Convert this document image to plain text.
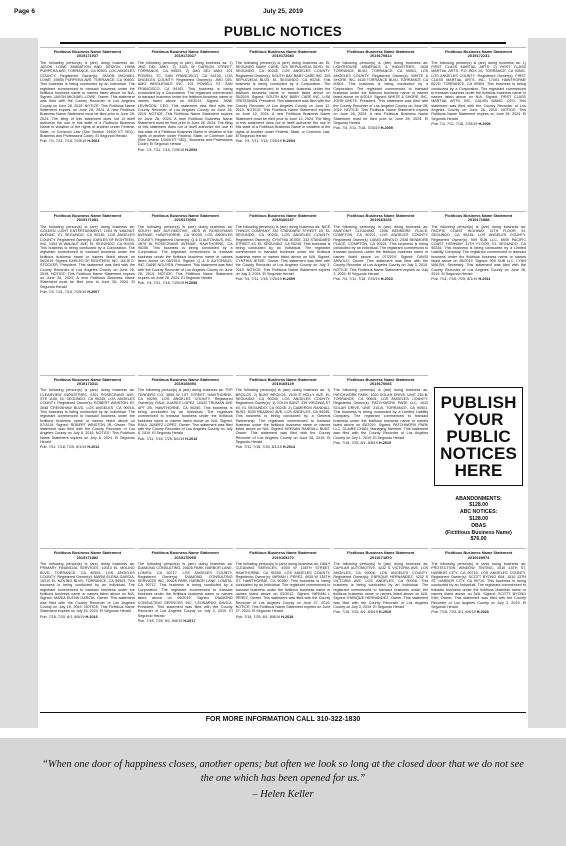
Page 6	July 25, 2019
PUBLIC NOTICES
Fictitious Business Name Statement
2019171937
The following person(s) is (are) doing business as: JASON LOWE ANIMATION AND DESIGN, 19555 PURPERA AVE, TORRANCE, CA 90503, LOS ANGELES COUNTY. Registered Owner(s): JASON MICHAEL LOWE, 19555 PURPERA AVE, TORRANCE, CA 90503. This business is being conducted by an Individual. The registrant commenced to transact business under the fictitious business name or names listed above on N/A. Signed: JASON MICHAEL LOWE, Owner. This statement was filed with the County Recorder of Los Angeles County on June 28, 2019. NOTICE: This Fictitious Name Statement expires on June 28, 2024. A new Fictitious Business Name Statement must be filed prior to June 28, 2024. The filing of this statement does not of itself authorize the use in this state of a Fictitious Business Name in violation of the rights of another under Federal, State, or Common Law (See Section 14400 ET SEQ., Business and Professions Code). El Segundo Herald
Pub. 7/4, 7/11, 7/18, 7/25/19 H-2003
Fictitious Business Name Statement
2019172027
The following person(s) is (are) doing business as: 1) JMG DEL AMO, 2) 3325 W CARSON STREET, TORRANCE, CA 90503, 2) JMG DEL AMO, 101 POWELL ST, SAN FRANCISCO, CA 94102, LOS ANGELES COUNTY. Registered Owner(s): JMG DEL AMO WHOLESALE INC, 101 POWELL ST, SAN FRANCISCO, CA 94102. This business is being conducted by a Corporation. The registrant commenced to transact business under the fictitious business name or names listed above on 05/2019. Signed: JANE LEVINSON, CEO. This statement was filed with the County Recorder of Los Angeles County on June 28, 2019. NOTICE: This Fictitious Name Statement expires on June 28, 2024. A new Fictitious Business Name Statement must be filed prior to June 28, 2024. The filing of this statement does not of itself authorize the use in this state of a Fictitious Business Name in violation of the rights of another under Federal, State, or Common Law (See Section 14400 ET SEQ., Business and Professions Code). El Segundo Herald
Pub. 7/4, 7/11, 7/18, 7/25/19 H-2003
Fictitious Business Name Statement
2019172083
The following person(s) is (are) doing business as: EL SEGUNDO BABY CARE, 325 SEPULVEDA BLVD, EL SEGUNDO, CA 90245, LOS ANGELES COUNTY. Registered Owner(s): SOUTH BAY BABY CARE INC, 325 SEPULVEDA BLVD, EL SEGUNDO, CA 90245. This business is being conducted by a Corporation. The registrant commenced to transact business under the fictitious business name or names listed above on 05/2019. Signed: SOUTH BAY BABY CARE INC, LISA GROSSMAN, President. This statement was filed with the County Recorder of Los Angeles County on June 12, 2019. NOTICE: This Fictitious Name Statement expires on June 12, 2024. A new Fictitious Business Name Statement must be filed prior to June 12, 2024. The filing of this statement does not of itself authorize the use in this state of a Fictitious Business Name in violation of the rights of another under Federal, State, or Common Law. El Segundo Herald
Pub. 7/4, 7/11, 7/18, 7/25/19 H-2004
Fictitious Business Name Statement
2019170814
The following person(s) is (are) doing business as: LIGHTHOUSE MINERALS & INDUSTRIES, 1528 TORRANCE BLVD, TORRANCE, CA 90501, LOS ANGELES COUNTY. Registered Owner(s): WHITE & SHORE, INC, 1528 TORRANCE BLVD, TORRANCE, CA 90501. This business is being conducted by a Corporation. The registrant commenced to transact business under the fictitious business name or names listed above on 6/2019. Signed: WHITE & SHORE, INC, JOHN WHITE, President. This statement was filed with the County Recorder of Los Angeles County on June 28, 2019. NOTICE: This Fictitious Name Statement expires on June 28, 2024. A new Fictitious Business Name Statement must be filed prior to June 28, 2024. El Segundo Herald
Pub. 7/4, 7/11, 7/18, 7/25/19 H-2005
Fictitious Business Name Statement
2019172231
The following person(s) is (are) doing business as: 1) FIRST CLASS MARTIAL ARTS, 2) FIRST CLASS MARTIAL ARTS, P.O. BOX 26, TORRANCE, CA 90501, LOS ANGELES COUNTY. Registered Owner(s): FIRST CLASS MARTIAL ARTS, INC, 17403 HAWTHORNE BLVD, TORRANCE, CA 90504. This business is being conducted by a Corporation. The registrant commenced to transact business under the fictitious business name or names listed above on N/A. Signed: FIRST CLASS MARTIAL ARTS, INC, CALVIN WANG, CEO. This statement was filed with the County Recorder of Los Angeles County on June 28, 2019. NOTICE: This Fictitious Name Statement expires on June 28, 2024. El Segundo Herald
Pub. 7/4, 7/11, 7/18, 7/25/19 H-2006
Fictitious Business Name Statement
2019171081
The following person(s) is (are) doing business as: GOLDEN LIGHT ENTERTAINMENT, 1004 W WALNUT AVENUE, EL SEGUNDO, CA 90245, LOS ANGELES COUNTY. Registered Owner(s): EARLES OF EIGHTEEN, INC, 1004 W WALNUT AVE, EL SEGUNDO, CA 90245. This business is being conducted by a Corporation. The registrant commenced to transact business under the fictitious business name or names listed above on 06/2019. Signed: EARLES OF EIGHTEEN, INC, JULIE D. STOCKER, President. This statement was filed with the County Recorder of Los Angeles County on June 26, 2019. NOTICE: This Fictitious Name Statement expires on June 26, 2024. A new Fictitious Business Name Statement must be filed prior to June 26, 2024. El Segundo Herald
Pub. 7/4, 7/11, 7/18, 7/25/19 H-2007
Fictitious Business Name Statement
2019172093
The following person(s) is (are) doing business as: SOUTH BAY AUTOMOTIVE, 4875 W ROSECRANS AVENUE, HAWTHORNE, CA 90250, LOS ANGELES COUNTY. Registered Owner(s): Q & D AUTOHAUS, INC, 4875 W ROSECRANS AVENUE, HAWTHORNE, CA 90250. This business is being conducted by a Corporation. The registrant commenced to transact business under the fictitious business name or names listed above on 06/2019. Signed: Q & D AUTOHAUS, INC, DANE NGUYEN, President. This statement was filed with the County Recorder of Los Angeles County on June 28, 2019. NOTICE: This Fictitious Name Statement expires on June 28, 2024. El Segundo Herald
Pub. 7/4, 7/11, 7/18, 7/25/19 H-2008
Fictitious Business Name Statement
2019160237
The following person(s) is (are) doing business as: NICE THINGS COMPANY, 332 STANDARD STREET #3, EL SEGUNDO, CA 90245, LOS ANGELES COUNTY. Registered Owner(s): CYNTHIA JESSE, 332 STANDARD STREET #3, EL SEGUNDO, CA 90245. This business is being conducted by an Individual. The registrant commenced to transact business under the fictitious business name or names listed above on N/A. Signed: CYNTHIA JESSE, Owner. This statement was filed with the County Recorder of Los Angeles County on July 3, 2019. NOTICE: This Fictitious Name Statement expires on July 3, 2024. El Segundo Herald
Pub. 7/4, 7/11, 7/18, 7/25/19 H-2009
Fictitious Business Name Statement
2019163226
The following person(s) is (are) doing business as: ANATOMY CLEANING, 2008 BENMORE PLACE, COMPTON, CA 90221, LOS ANGELES COUNTY. Registered Owner(s): DAVID ARNOLD, 2008 BENMORE PLACE, COMPTON, CA 90221. This business is being conducted by an Individual. The registrant commenced to transact business under the fictitious business name or names listed above on 07/2019. Signed: DAVID ARNOLD, Owner. This statement was filed with the County Recorder of Los Angeles County on July 3, 2019. NOTICE: This Fictitious Name Statement expires on July 3, 2024. El Segundo Herald
Pub. 7/4, 7/11, 7/18, 7/25/19 H-2010
Fictitious Business Name Statement
2019171888
The following person(s) is (are) doing business as: PACIFIC COAST HIGHWAY 11TH FLOOR, EL SEGUNDO, CA 90245, LOS ANGELES COUNTY. Registered Owner(s): 909 SUB LLC, 8939 PACIFIC COAST HIGHWAY 11TH FLOOR, EL SEGUNDO, CA 90245. This business is being conducted by a Limited Liability Company. The registrant commenced to transact business under the fictitious business name or names listed above on 05/2019. Signed: 909 SUB LLC, LYNN WALSH, Secretary. This statement was filed with the County Recorder of Los Angeles County on June 26, 2019. El Segundo Herald
Pub. 7/11, 7/18, 7/25, 8/1/19 H-2011
Fictitious Business Name Statement
2019173311
The following person(s) is (are) doing business as: CLEARVIEW INDUSTRIES, 2301 ROSECRANS AVE, STE 1150, EL SEGUNDO, CA 90245, LOS ANGELES COUNTY. Registered Owner(s): ROBERT WINSTON JR, 3058 CRENSHAW BLVD, LOS ANGELES, CA 90016. This business is being conducted by an Individual. The registrant commenced to transact business under the fictitious business name or names listed above on 07/2019. Signed: ROBERT WINSTON JR, Owner. This statement was filed with the County Recorder of Los Angeles County on July 8, 2019. NOTICE: This Fictitious Name Statement expires on July 8, 2024. El Segundo Herald
Pub. 7/11, 7/18, 7/25, 8/1/19 H-2012
Fictitious Business Name Statement
2019165493
The following person(s) is (are) doing business as: TOP TENDERS CO, 3850 W 1ST STREET, HAWTHORNE, CA 90250, LOS ANGELES COUNTY. Registered Owner(s): RAUL JUAREZ LOPEZ, 10432 TRUMAN AVE APT 2B, HAWTHORNE, CA 90250. This business is being conducted by an Individual. The registrant commenced to transact business under the fictitious business name or names listed above on N/A. Signed: RAUL JUAREZ LOPEZ, Owner. This statement was filed with the County Recorder of Los Angeles County on July 8, 2019. El Segundo Herald
Pub. 7/11, 7/18, 7/25, 8/1/19 H-2013
Fictitious Business Name Statement
2019165129
The following person(s) is (are) doing business as: 1) BROLOS, 2) BUNT BROLOS, 2100 E HOLLY AVE, EL SEGUNDO, CA 90245, LOS ANGELES COUNTY. Registered Owner(s): 1) COLIN BUNT, 339 VIRGINIA ST #3, EL SEGUNDO, CA 90245, 2) CAMERON RANDALL BUNT, 8330 READING AVE, LOS ANGELES, CA 90045. This business is being conducted by a General Partnership. The registrant commenced to transact business under the fictitious business name or names listed above on N/A. Signed: KEENAN RANDALL BUNT, Owner. This statement was filed with the County Recorder of Los Angeles County on June 28, 2019. El Segundo Herald
Pub. 7/11, 7/18, 7/25, 8/1/19 H-2014
Fictitious Business Name Statement
2019170066
The following person(s) is (are) doing business as: PATCHWORK PARK, 1020 SOLAR DRIVE, UNIT 215-B, TORRANCE, CA 90501, LOS ANGELES COUNTY. Registered Owner(s): PATCHWORK PARK LLC, 1020 SOLAR DRIVE, UNIT 215-B, TORRANCE, CA 90501. This business is being conducted by a Limited Liability Company. The registrant commenced to transact business under the fictitious business name or names listed above on 05/2019. Signed: PATCHWORK PARK LLC, CLAIRE CHAN, Managing Member. This statement was filed with the County Recorder of Los Angeles County on July 1, 2019. El Segundo Herald
Pub. 7/18, 7/25, 8/1, 8/8/19 H-2015
PUBLISH
YOUR
PUBLIC
NOTICES
HERE
ABANDONMENTS:
$128.00
ABC NOTICES:
$128.00
DBAS
(Fictitious Business Name)
$76.00
Fictitious Business Name Statement
2019171882
The following person(s) is (are) doing business as: PRIMARY FINANCIAL SERVICES, 10010 EL MOLINO BLVD, TORRANCE, CA 90503, LOS ANGELES COUNTY. Registered Owner(s): MARIA ELENA GARCIA, 10010 EL MOLINO BLVD, TORRANCE, CA 90503. This business is being conducted by an Individual. The registrant commenced to transact business under the fictitious business name or names listed above on N/A. Signed: MARIA ELENA GARCIA, Owner. This statement was filed with the County Recorder of Los Angeles County on July 15, 2019. NOTICE: This Fictitious Name Statement expires on July 15, 2024. El Segundo Herald
Pub. 7/18, 7/25, 8/1, 8/8/19 H-2016
Fictitious Business Name Statement
2019170055
The following person(s) is (are) doing business as: DIAMOND CONSULTING, 20628 PARK HARBOR LANE, LOMITA, CA 90717, LOS ANGELES COUNTY. Registered Owner(s): DIAMOND CONSULTING SERVICES INC, 20628 PARK HARBOR LANE, LOMITA, CA 90717. This business is being conducted by a Corporation. The registrant commenced to transact business under the fictitious business name or names listed above on 05/2019. Signed: DIAMOND CONSULTING SERVICES INC, LEONARDO DAVILA, President. This statement was filed with the County Recorder of Los Angeles County on July 3, 2019. El Segundo Herald
Pub. 7/18, 7/25, 8/1, 8/8/19 H-2017
Fictitious Business Name Statement
2019165270
The following person(s) is (are) doing business as: DAILY CLEANING SERVICES, 4939 W 135TH STREET, HAWTHORNE, CA 90250, LOS ANGELES COUNTY. Registered Owner(s): MIRIAM L PEREZ, 4939 W 135TH ST, HAWTHORNE, CA 90250. This business is being conducted by an Individual. The registrant commenced to transact business under the fictitious business name or names listed above on 03/2012. Signed: MIRIAM L PEREZ, Owner. This statement was filed with the County Recorder of Los Angeles County on June 27, 2019. NOTICE: This Fictitious Name Statement expires on June 27, 2024. El Segundo Herald
Pub. 7/18, 7/25, 8/1, 8/8/19 H-2018
Fictitious Business Name Statement
2019171870
The following person(s) is (are) doing business as: CAPILAR AUTOMOTIVE, 4232 S VICTORIA AVE, LOS ANGELES, CA 90008, LOS ANGELES COUNTY. Registered Owner(s): ENRIQUE HERNANDEZ, 4232 S VICTORIA AVE, LOS ANGELES, CA 90008. This business is being conducted by an Individual. The registrant commenced to transact business under the fictitious business name or names listed above on N/A. Signed: ENRIQUE HERNANDEZ, Owner. This statement was filed with the County Recorder of Los Angeles County on July 3, 2019. El Segundo Herald
Pub. 7/18, 7/25, 8/1, 8/8/19 H-2019
Fictitious Business Name Statement
2019169974
The following person(s) is (are) doing business as: PROTECTION WINDOW TINTING, 1510 13TH ST, HARBOR CITY, CA 90710, LOS ANGELES COUNTY. Registered Owner(s): SCOTT BYONG KIM, 1510 13TH ST, HARBOR CITY, CA 90710. This business is being conducted by an Individual. The registrant commenced to transact business under the fictitious business name or names listed above on N/A. Signed: SCOTT BYONG KIM, Owner. This statement was filed with the County Recorder of Los Angeles County on July 3, 2019. El Segundo Herald
Pub. 7/18, 7/25, 8/1, 8/8/19 H-2020
FOR MORE INFORMATION CALL 310-322-1830
“When one door of happiness closes, another opens; but often we look so long at the closed door that we do not see the one which has been opened for us.”
– Helen Keller
